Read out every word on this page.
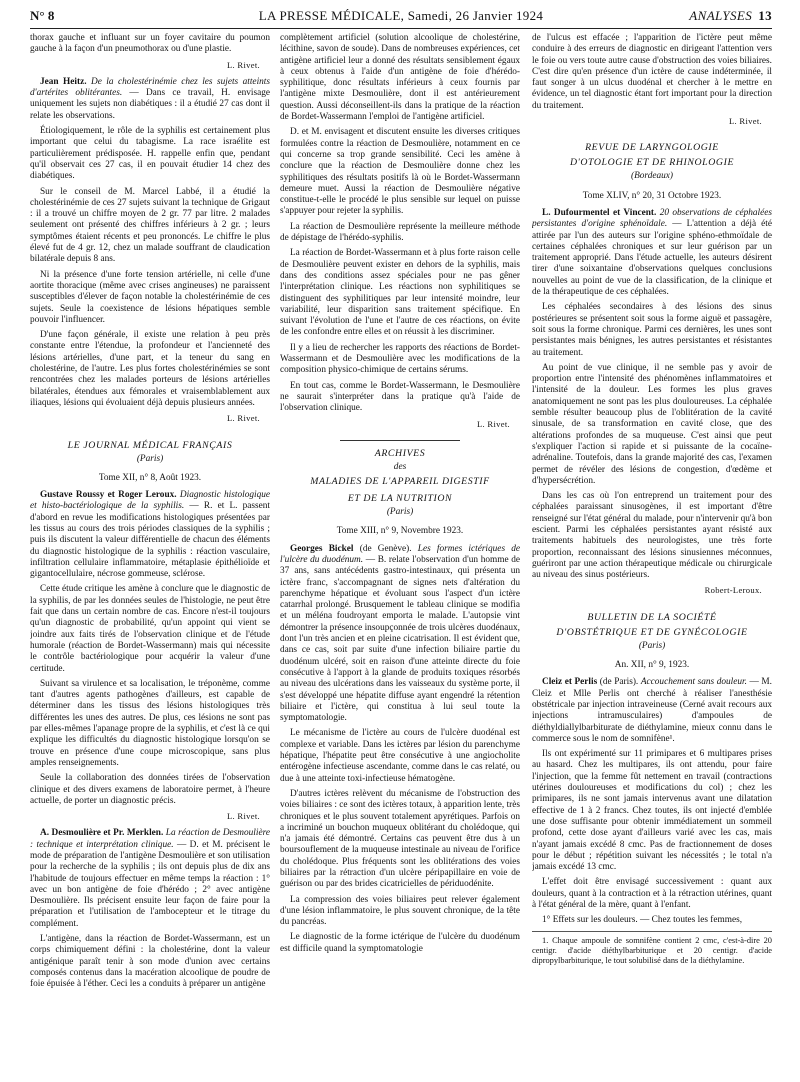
N° 8	LA PRESSE MÉDICALE, Samedi, 26 Janvier 1924	ANALYSES 13

thorax gauche et influant sur un foyer cavitaire du poumon gauche à la façon d'un pneumothorax ou d'une plastie.

L. Rivet.

Jean Heitz. De la cholestérinémie chez les sujets atteints d'artérites oblitérantes. — Dans ce travail, H. envisage uniquement les sujets non diabétiques : il a étudié 27 cas dont il relate les observations.

Étiologiquement, le rôle de la syphilis est certainement plus important que celui du tabagisme. La race israélite est particulièrement prédisposée. H. rappelle enfin que, pendant qu'il observait ces 27 cas, il en pouvait étudier 14 chez des diabétiques.

Sur le conseil de M. Marcel Labbé, il a étudié la cholestérinémie de ces 27 sujets suivant la technique de Grigaut : il a trouvé un chiffre moyen de 2 gr. 77 par litre. 2 malades seulement ont présenté des chiffres inférieurs à 2 gr. ; leurs symptômes étaient récents et peu prononcés. Le chiffre le plus élevé fut de 4 gr. 12, chez un malade souffrant de claudication bilatérale depuis 8 ans.

Ni la présence d'une forte tension artérielle, ni celle d'une aortite thoracique (même avec crises angineuses) ne paraissent susceptibles d'élever de façon notable la cholestérinémie de ces sujets. Seule la coexistence de lésions hépatiques semble pouvoir l'influencer.

D'une façon générale, il existe une relation à peu près constante entre l'étendue, la profondeur et l'ancienneté des lésions artérielles, d'une part, et la teneur du sang en cholestérine, de l'autre. Les plus fortes cholestérinémies se sont rencontrées chez les malades porteurs de lésions artérielles bilatérales, étendues aux fémorales et vraisemblablement aux iliaques, lésions qui évoluaient déjà depuis plusieurs années.

L. Rivet.
LE JOURNAL MÉDICAL FRANÇAIS
(Paris)
Tome XII, n° 8, Août 1923.

Gustave Roussy et Roger Leroux. Diagnostic histologique et histo-bactériologique de la syphilis. — R. et L. passent d'abord en revue les modifications histologiques présentées par les tissus au cours des trois périodes classiques de la syphilis ; puis ils discutent la valeur différentielle de chacun des éléments du diagnostic histologique de la syphilis : réaction vasculaire, infiltration cellulaire inflammatoire, métaplasie épithélioïde et gigantocellulaire, nécrose gommeuse, sclérose.

Cette étude critique les amène à conclure que le diagnostic de la syphilis, de par les données seules de l'histologie, ne peut être fait que dans un certain nombre de cas. Encore n'est-il toujours qu'un diagnostic de probabilité, qu'un appoint qui vient se joindre aux faits tirés de l'observation clinique et de l'étude humorale (réaction de Bordet-Wassermann) mais qui nécessite le contrôle bactériologique pour acquérir la valeur d'une certitude.

Suivant sa virulence et sa localisation, le tréponème, comme tant d'autres agents pathogènes d'ailleurs, est capable de déterminer dans les tissus des lésions histologiques très différentes les unes des autres. De plus, ces lésions ne sont pas par elles-mêmes l'apanage propre de la syphilis, et c'est là ce qui explique les difficultés du diagnostic histologique lorsqu'on se trouve en présence d'une coupe microscopique, sans plus amples renseignements.

Seule la collaboration des données tirées de l'observation clinique et des divers examens de laboratoire permet, à l'heure actuelle, de porter un diagnostic précis.

L. Rivet.

A. Desmoulière et Pr. Merklen. La réaction de Desmoulière : technique et interprétation clinique. — D. et M. précisent le mode de préparation de l'antigène Desmoulière et son utilisation pour la recherche de la syphilis ; ils ont depuis plus de dix ans l'habitude de toujours effectuer en même temps la réaction : 1° avec un bon antigène de foie d'hérédo ; 2° avec antigène Desmoulière. Ils précisent ensuite leur façon de faire pour la préparation et l'utilisation de l'ambocepteur et le titrage du complément.

L'antigène, dans la réaction de Bordet-Wassermann, est un corps chimiquement défini : la cholestérine, dont la valeur antigénique paraît tenir à son mode d'union avec certains composés contenus dans la macération alcoolique de poudre de foie épuisée à l'éther. Ceci les a conduits à préparer un antigène

complètement artificiel (solution alcoolique de cholestérine, lécithine, savon de soude). Dans de nombreuses expériences, cet antigène artificiel leur a donné des résultats sensiblement égaux à ceux obtenus à l'aide d'un antigène de foie d'hérédo-syphilitique, donc résultats inférieurs à ceux fournis par l'antigène mixte Desmoulière, dont il est antérieurement question. Aussi déconseillent-ils dans la pratique de la réaction de Bordet-Wassermann l'emploi de l'antigène artificiel.

D. et M. envisagent et discutent ensuite les diverses critiques formulées contre la réaction de Desmoulière, notamment en ce qui concerne sa trop grande sensibilité. Ceci les amène à conclure que la réaction de Desmoulière donne chez les syphilitiques des résultats positifs là où le Bordet-Wassermann demeure muet. Aussi la réaction de Desmoulière négative constitue-t-elle le procédé le plus sensible sur lequel on puisse s'appuyer pour rejeter la syphilis.

La réaction de Desmoulière représente la meilleure méthode de dépistage de l'hérédo-syphilis.

La réaction de Bordet-Wassermann et à plus forte raison celle de Desmoulière peuvent exister en dehors de la syphilis, mais dans des conditions assez spéciales pour ne pas gêner l'interprétation clinique. Les réactions non syphilitiques se distinguent des syphilitiques par leur intensité moindre, leur variabilité, leur disparition sans traitement spécifique. En suivant l'évolution de l'une et l'autre de ces réactions, on évite de les confondre entre elles et on réussit à les discriminer.

Il y a lieu de rechercher les rapports des réactions de Bordet-Wassermann et de Desmoulière avec les modifications de la composition physico-chimique de certains sérums.

En tout cas, comme le Bordet-Wassermann, le Desmoulière ne saurait s'interpréter dans la pratique qu'à l'aide de l'observation clinique.

L. Rivet.
ARCHIVES
des
MALADIES DE L'APPAREIL DIGESTIF
ET DE LA NUTRITION
(Paris)
Tome XIII, n° 9, Novembre 1923.

Georges Bickel (de Genève). Les formes ictériques de l'ulcère du duodénum. — B. relate l'observation d'un homme de 37 ans, sans antécédents gastro-intestinaux, qui présenta un ictère franc, s'accompagnant de signes nets d'altération du parenchyme hépatique et évoluant sous l'aspect d'un ictère catarrhal prolongé. Brusquement le tableau clinique se modifia et un méléna foudroyant emporta le malade. L'autopsie vint démontrer la présence insoupçonnée de trois ulcères duodénaux, dont l'un très ancien et en pleine cicatrisation. Il est évident que, dans ce cas, soit par suite d'une infection biliaire partie du duodénum ulcéré, soit en raison d'une atteinte directe du foie consécutive à l'apport à la glande de produits toxiques résorbés au niveau des ulcérations dans les vaisseaux du système porte, il s'est développé une hépatite diffuse ayant engendré la rétention biliaire et l'ictère, qui constitua à lui seul toute la symptomatologie.

Le mécanisme de l'ictère au cours de l'ulcère duodénal est complexe et variable. Dans les ictères par lésion du parenchyme hépatique, l'hépatite peut être consécutive à une angiocholite entérogène infectieuse ascendante, comme dans le cas relaté, ou due à une atteinte toxi-infectieuse hématogène.

D'autres ictères relèvent du mécanisme de l'obstruction des voies biliaires : ce sont des ictères totaux, à apparition lente, très chroniques et le plus souvent totalement apyrétiques. Parfois on a incriminé un bouchon muqueux oblitérant du cholédoque, qui n'a jamais été démontré. Certains cas peuvent être dus à un boursouflement de la muqueuse intestinale au niveau de l'orifice du cholédoque. Plus fréquents sont les oblitérations des voies biliaires par la rétraction d'un ulcère péripapillaire en voie de guérison ou par des brides cicatricielles de périduodénite.

La compression des voies biliaires peut relever également d'une lésion inflammatoire, le plus souvent chronique, de la tête du pancréas.

Le diagnostic de la forme ictérique de l'ulcère du duodénum est difficile quand la symptomatologie

de l'ulcus est effacée ; l'apparition de l'ictère peut même conduire à des erreurs de diagnostic en dirigeant l'attention vers le foie ou vers toute autre cause d'obstruction des voies biliaires. C'est dire qu'en présence d'un ictère de cause indéterminée, il faut songer à un ulcus duodénal et chercher à le mettre en évidence, un tel diagnostic étant fort important pour la direction du traitement.

L. Rivet.
REVUE DE LARYNGOLOGIE
D'OTOLOGIE ET DE RHINOLOGIE
(Bordeaux)
Tome XLIV, n° 20, 31 Octobre 1923.

L. Dufourmentel et Vincent. 20 observations de céphalées persistantes d'origine sphénoïdale. — L'attention a déjà été attirée par l'un des auteurs sur l'origine sphéno-ethmoïdale de certaines céphalées chroniques et sur leur guérison par un traitement approprié. Dans l'étude actuelle, les auteurs désirent tirer d'une soixantaine d'observations quelques conclusions nouvelles au point de vue de la classification, de la clinique et de la thérapeutique de ces céphalées.

Les céphalées secondaires à des lésions des sinus postérieures se présentent soit sous la forme aiguë et passagère, soit sous la forme chronique. Parmi ces dernières, les unes sont persistantes mais bénignes, les autres persistantes et résistantes au traitement.

Au point de vue clinique, il ne semble pas y avoir de proportion entre l'intensité des phénomènes inflammatoires et l'intensité de la douleur. Les formes les plus graves anatomiquement ne sont pas les plus douloureuses. La céphalée semble résulter beaucoup plus de l'oblitération de la cavité sinusale, de sa transformation en cavité close, que des altérations profondes de sa muqueuse. C'est ainsi que peut s'expliquer l'action si rapide et si puissante de la cocaïne-adrénaline. Toutefois, dans la grande majorité des cas, l'examen permet de révéler des lésions de congestion, d'œdème et d'hypersécrétion.

Dans les cas où l'on entreprend un traitement pour des céphalées paraissant sinusogènes, il est important d'être renseigné sur l'état général du malade, pour n'intervenir qu'à bon escient. Parmi les céphalées persistantes ayant résisté aux traitements habituels des neurologistes, une très forte proportion, reconnaissant des lésions sinusiennes méconnues, guériront par une action thérapeutique médicale ou chirurgicale au niveau des sinus postérieurs.

Robert-Leroux.
BULLETIN DE LA SOCIÉTÉ
D'OBSTÉTRIQUE ET DE GYNÉCOLOGIE
(Paris)
An. XII, n° 9, 1923.

Cleiz et Perlis (de Paris). Accouchement sans douleur. — M. Cleiz et Mlle Perlis ont cherché à réaliser l'anesthésie obstétricale par injection intraveineuse (Cerné avait recours aux injections intramusculaires) d'ampoules de diéthyldiallylbarbiturate de diéthylamine, mieux connu dans le commerce sous le nom de somnifène¹.

Ils ont expérimenté sur 11 primipares et 6 multipares prises au hasard. Chez les multipares, ils ont attendu, pour faire l'injection, que la femme fût nettement en travail (contractions utérines douloureuses et modifications du col) ; chez les primipares, ils ne sont jamais intervenus avant une dilatation effective de 1 à 2 francs. Chez toutes, ils ont injecté d'emblée une dose suffisante pour obtenir immédiatement un sommeil profond, cette dose ayant d'ailleurs varié avec les cas, mais n'ayant jamais excédé 8 cmc. Pas de fractionnement de doses pour le début ; répétition suivant les nécessités ; le total n'a jamais excédé 13 cmc.

L'effet doit être envisagé successivement : quant aux douleurs, quant à la contraction et à la rétraction utérines, quant à l'état général de la mère, quant à l'enfant.

1° Effets sur les douleurs. — Chez toutes les femmes,

1. Chaque ampoule de somnifène contient 2 cmc, c'est-à-dire 20 centigr. d'acide diéthylbarbiturique et 20 centigr. d'acide dipropylbarbiturique, le tout solubilisé dans de la diéthylamine.
